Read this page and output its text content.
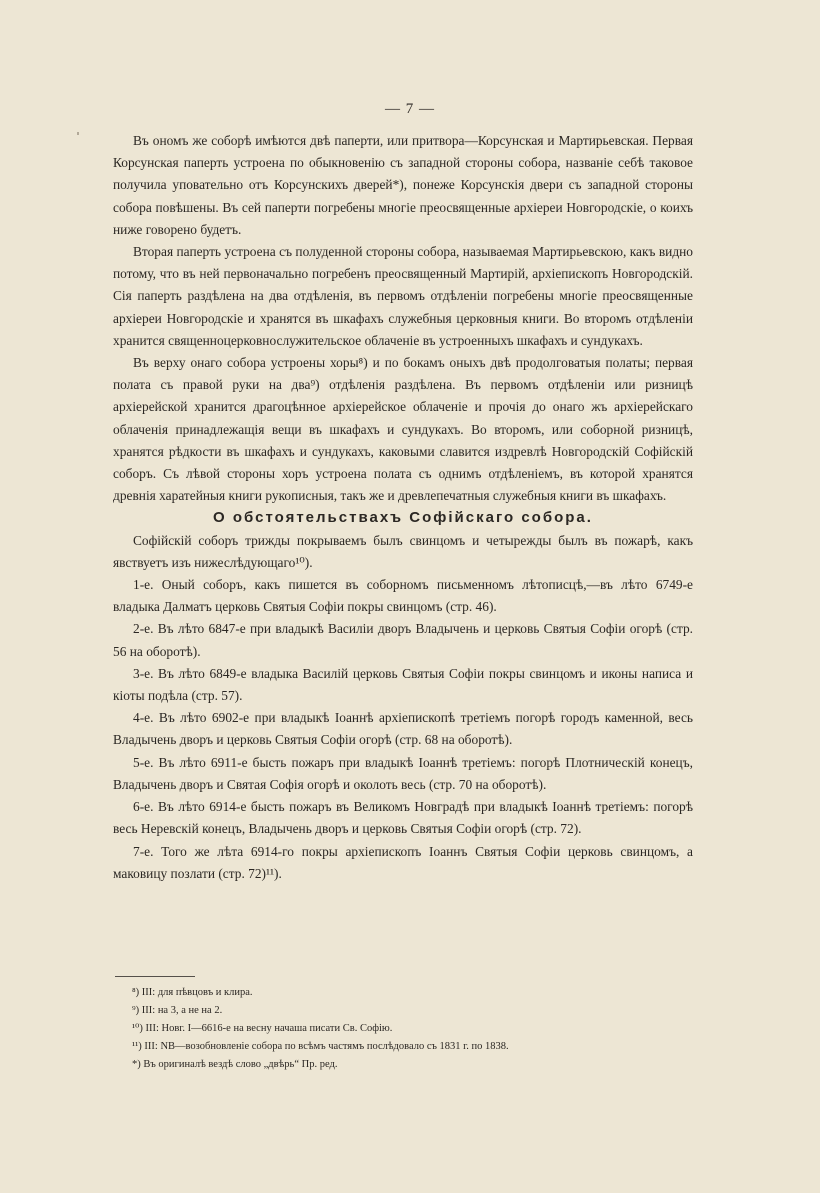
— 7 —

Въ ономъ же соборѣ имѣются двѣ паперти, или притвора—Корсунская и Мартирьевская. Первая Корсунская паперть устроена по обыкновенію съ западной стороны собора, названіе себѣ таковое получила уповательно отъ Корсунскихъ дверей*), понеже Корсунскія двери съ западной стороны собора повѣшены. Въ сей паперти погребены многіе преосвященные архіереи Новгородскіе, о коихъ ниже говорено будетъ.

Вторая паперть устроена съ полуденной стороны собора, называемая Мартирьевскою, какъ видно потому, что въ ней первоначально погребенъ преосвященный Мартирій, архіепископъ Новгородскій. Сія паперть раздѣлена на два отдѣленія, въ первомъ отдѣленіи погребены многіе преосвященные архіереи Новгородскіе и хранятся въ шкафахъ служебныя церковныя книги. Во второмъ отдѣленіи хранится священноцерковнослужительское облаченіе въ устроенныхъ шкафахъ и сундукахъ.

Въ верху онаго собора устроены хоры⁸) и по бокамъ оныхъ двѣ продолговатыя полаты; первая полата съ правой руки на два⁹) отдѣленія раздѣлена. Въ первомъ отдѣленіи или ризницѣ архіерейской хранится драгоцѣнное архіерейское облаченіе и прочія до онаго жъ архіерейскаго облаченія принадлежащія вещи въ шкафахъ и сундукахъ. Во второмъ, или соборной ризницѣ, хранятся рѣдкости въ шкафахъ и сундукахъ, каковыми славится издревлѣ Новгородскій Софійскій соборъ. Съ лѣвой стороны хоръ устроена полата съ однимъ отдѣленіемъ, въ которой хранятся древнія харатейныя книги рукописныя, такъ же и древлепечатныя служебныя книги въ шкафахъ.

О обстоятельствахъ Софійскаго собора.

Софійскій соборъ трижды покрываемъ былъ свинцомъ и четырежды былъ въ пожарѣ, какъ явствуетъ изъ нижеслѣдующаго¹⁰).

1-е. Оный соборъ, какъ пишется въ соборномъ письменномъ лѣтописцѣ,—въ лѣто 6749-е владыка Далматъ церковь Святыя Софіи покры свинцомъ (стр. 46).

2-е. Въ лѣто 6847-е при владыкѣ Василіи дворъ Владычень и церковь Святыя Софіи огорѣ (стр. 56 на оборотѣ).

3-е. Въ лѣто 6849-е владыка Василій церковь Святыя Софіи покры свинцомъ и иконы написа и кіоты подѣла (стр. 57).

4-е. Въ лѣто 6902-е при владыкѣ Іоаннѣ архіепископѣ третіемъ погорѣ городъ каменной, весь Владычень дворъ и церковь Святыя Софіи огорѣ (стр. 68 на оборотѣ).

5-е. Въ лѣто 6911-е бысть пожаръ при владыкѣ Іоаннѣ третіемъ: погорѣ Плотническій конецъ, Владычень дворъ и Святая Софія огорѣ и околоть весь (стр. 70 на оборотѣ).

6-е. Въ лѣто 6914-е бысть пожаръ въ Великомъ Новградѣ при владыкѣ Іоаннѣ третіемъ: погорѣ весь Неревскій конецъ, Владычень дворъ и церковь Святыя Софіи огорѣ (стр. 72).

7-е. Того же лѣта 6914-го покры архіепископъ Іоаннъ Святыя Софіи церковь свинцомъ, а маковицу позлати (стр. 72)¹¹).

⁸) III: для пѣвцовъ и клира.
⁹) III: на 3, а не на 2.
¹⁰) III: Новг. I—6616-е на весну начаша писати Св. Софію.
¹¹) III: NB—возобновленіе собора по всѣмъ частямъ послѣдовало съ 1831 г. по 1838.
*) Въ оригиналѣ вездѣ слово „двѣрь“ Пр. ред.
